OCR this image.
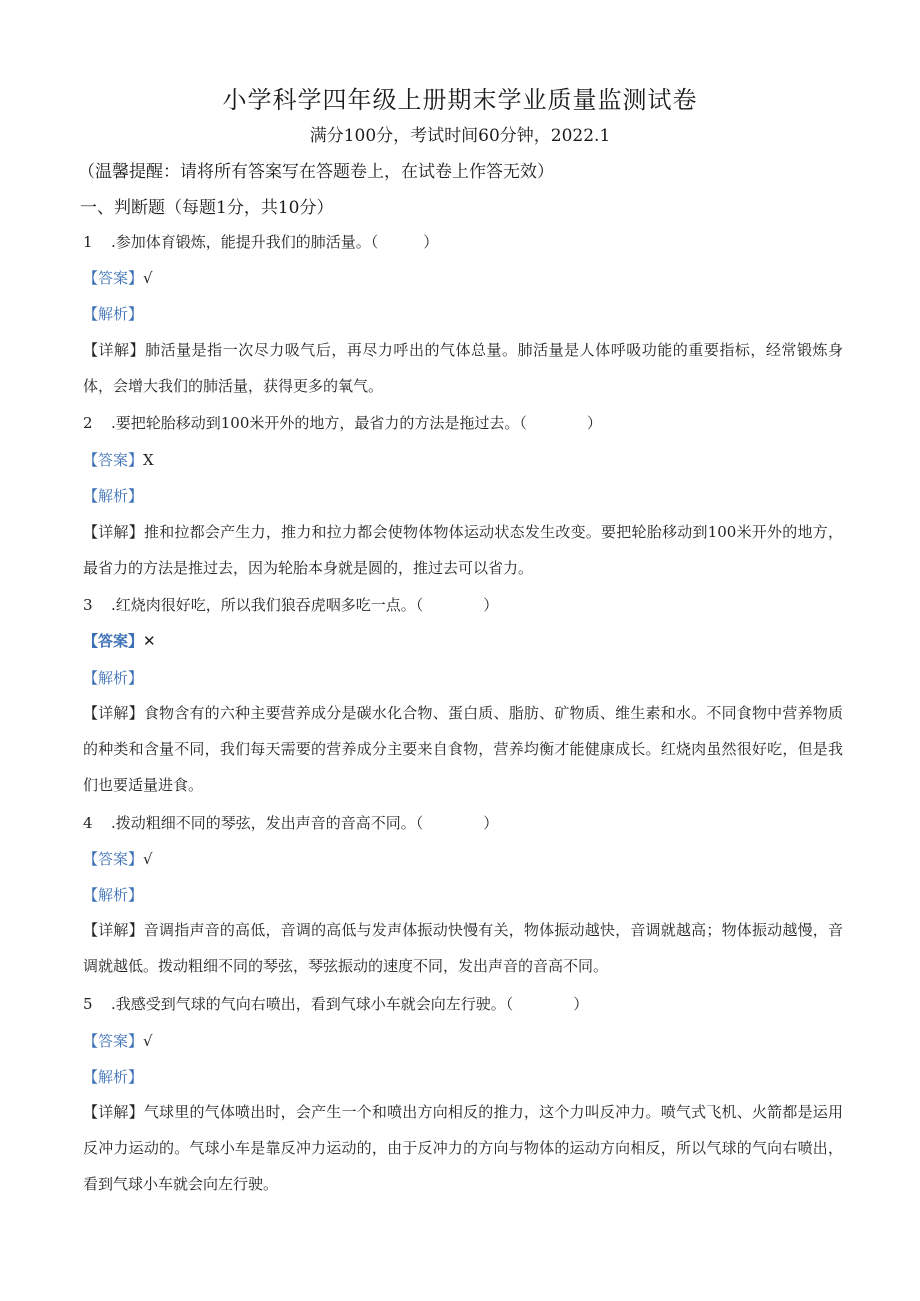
小学科学四年级上册期末学业质量监测试卷
满分100分，考试时间60分钟，2022.1
（温馨提醒：请将所有答案写在答题卷上，在试卷上作答无效）
一、判断题（每题1分，共10分）
1 .参加体育锻炼，能提升我们的肺活量。（　　　）
【答案】√
【解析】
【详解】肺活量是指一次尽力吸气后，再尽力呼出的气体总量。肺活量是人体呼吸功能的重要指标，经常锻炼身体，会增大我们的肺活量，获得更多的氧气。
2 .要把轮胎移动到100米开外的地方，最省力的方法是拖过去。（　　　　）
【答案】X
【解析】
【详解】推和拉都会产生力，推力和拉力都会使物体物体运动状态发生改变。要把轮胎移动到100米开外的地方，最省力的方法是推过去，因为轮胎本身就是圆的，推过去可以省力。
3 .红烧肉很好吃，所以我们狼吞虎咽多吃一点。（　　　　）
【答案】✕
【解析】
【详解】食物含有的六种主要营养成分是碳水化合物、蛋白质、脂肪、矿物质、维生素和水。不同食物中营养物质的种类和含量不同，我们每天需要的营养成分主要来自食物，营养均衡才能健康成长。红烧肉虽然很好吃，但是我们也要适量进食。
4 .拨动粗细不同的琴弦，发出声音的音高不同。（　　　　）
【答案】√
【解析】
【详解】音调指声音的高低，音调的高低与发声体振动快慢有关，物体振动越快，音调就越高；物体振动越慢，音调就越低。拨动粗细不同的琴弦，琴弦振动的速度不同，发出声音的音高不同。
5 .我感受到气球的气向右喷出，看到气球小车就会向左行驶。（　　　　）
【答案】√
【解析】
【详解】气球里的气体喷出时，会产生一个和喷出方向相反的推力，这个力叫反冲力。喷气式飞机、火箭都是运用反冲力运动的。气球小车是靠反冲力运动的，由于反冲力的方向与物体的运动方向相反，所以气球的气向右喷出，看到气球小车就会向左行驶。
